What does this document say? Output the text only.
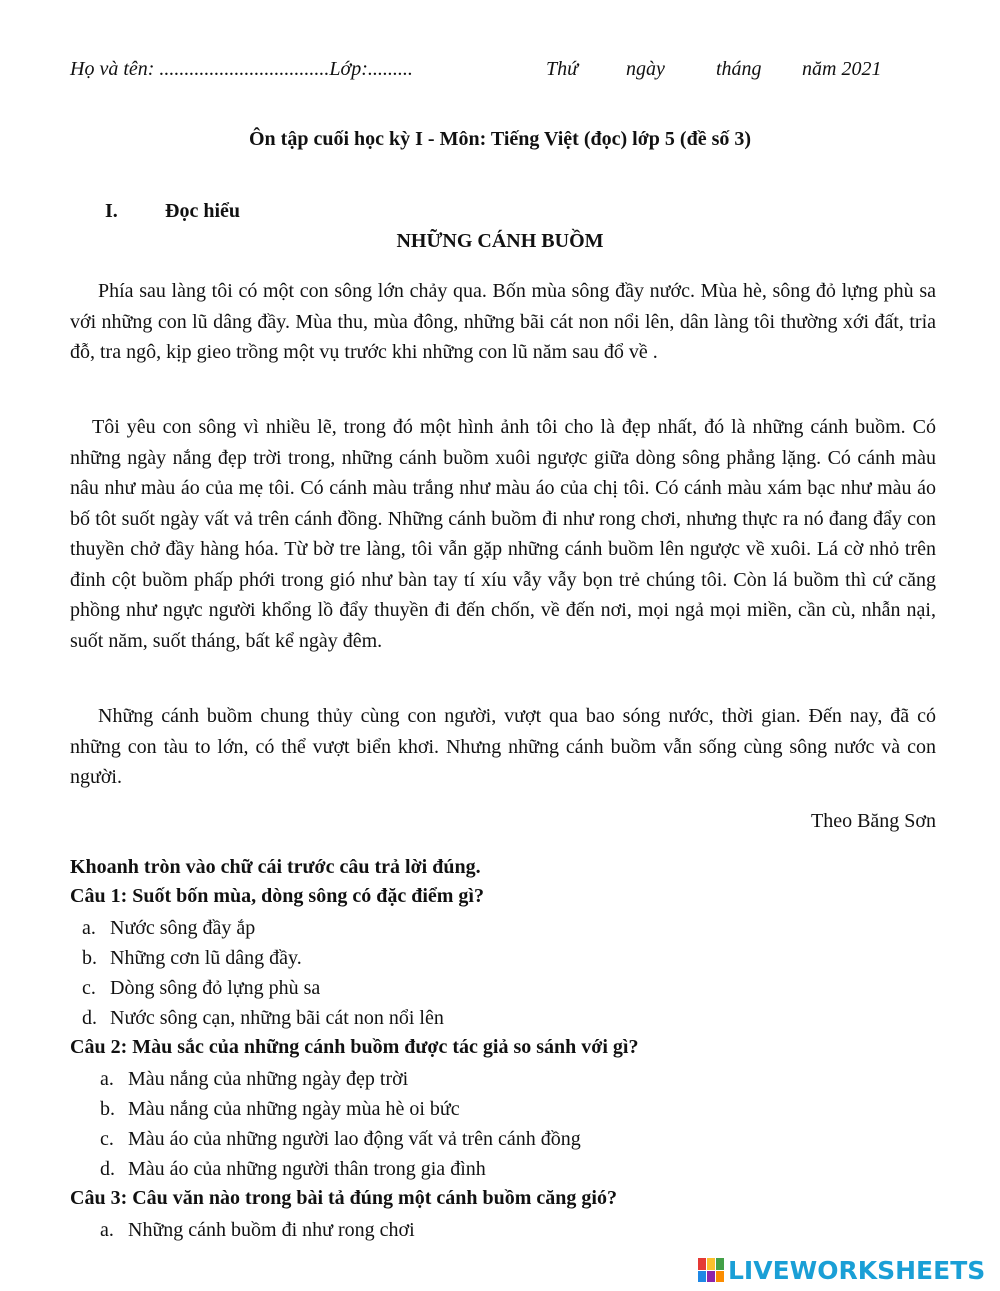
Họ và tên: ..................................Lớp:.........	Thứ ngày	tháng năm 2021
Ôn tập cuối học kỳ I - Môn: Tiếng Việt (đọc) lớp 5 (đề số 3)
I. Đọc hiểu
NHỮNG CÁNH BUỒM
Phía sau làng tôi có một con sông lớn chảy qua. Bốn mùa sông đầy nước. Mùa hè, sông đỏ lựng phù sa với những con lũ dâng đầy. Mùa thu, mùa đông, những bãi cát non nổi lên, dân làng tôi thường xới đất, trỉa đỗ, tra ngô, kịp gieo trồng một vụ trước khi những con lũ năm sau đổ về .
Tôi yêu con sông vì nhiều lẽ, trong đó một hình ảnh tôi cho là đẹp nhất, đó là những cánh buồm. Có những ngày nắng đẹp trời trong, những cánh buồm xuôi ngược giữa dòng sông phẳng lặng. Có cánh màu nâu như màu áo của mẹ tôi. Có cánh màu trắng như màu áo của chị tôi. Có cánh màu xám bạc như màu áo bố tôt suốt ngày vất vả trên cánh đồng. Những cánh buồm đi như rong chơi, nhưng thực ra nó đang đẩy con thuyền chở đầy hàng hóa. Từ bờ tre làng, tôi vẫn gặp những cánh buồm lên ngược về xuôi. Lá cờ nhỏ trên đỉnh cột buồm phấp phới trong gió như bàn tay tí xíu vẫy vẫy bọn trẻ chúng tôi. Còn lá buồm thì cứ căng phồng như ngực người khổng lồ đẩy thuyền đi đến chốn, về đến nơi, mọi ngả mọi miền, cần cù, nhẫn nại, suốt năm, suốt tháng, bất kể ngày đêm.
Những cánh buồm chung thủy cùng con người, vượt qua bao sóng nước, thời gian. Đến nay, đã có những con tàu to lớn, có thể vượt biển khơi. Nhưng những cánh buồm vẫn sống cùng sông nước và con người.
Theo Băng Sơn
Khoanh tròn vào chữ cái trước câu trả lời đúng.
Câu 1: Suốt bốn mùa, dòng sông có đặc điểm gì?
a. Nước sông đầy ắp
b. Những cơn lũ dâng đầy.
c. Dòng sông đỏ lựng phù sa
d. Nước sông cạn, những bãi cát non nổi lên
Câu 2: Màu sắc của những cánh buồm được tác giả so sánh với gì?
a. Màu nắng của những ngày đẹp trời
b. Màu nắng của những ngày mùa hè oi bức
c. Màu áo của những người lao động vất vả trên cánh đồng
d. Màu áo của những người thân trong gia đình
Câu 3: Câu văn nào trong bài tả đúng một cánh buồm căng gió?
a. Những cánh buồm đi như rong chơi
LIVEWORKSHEETS
